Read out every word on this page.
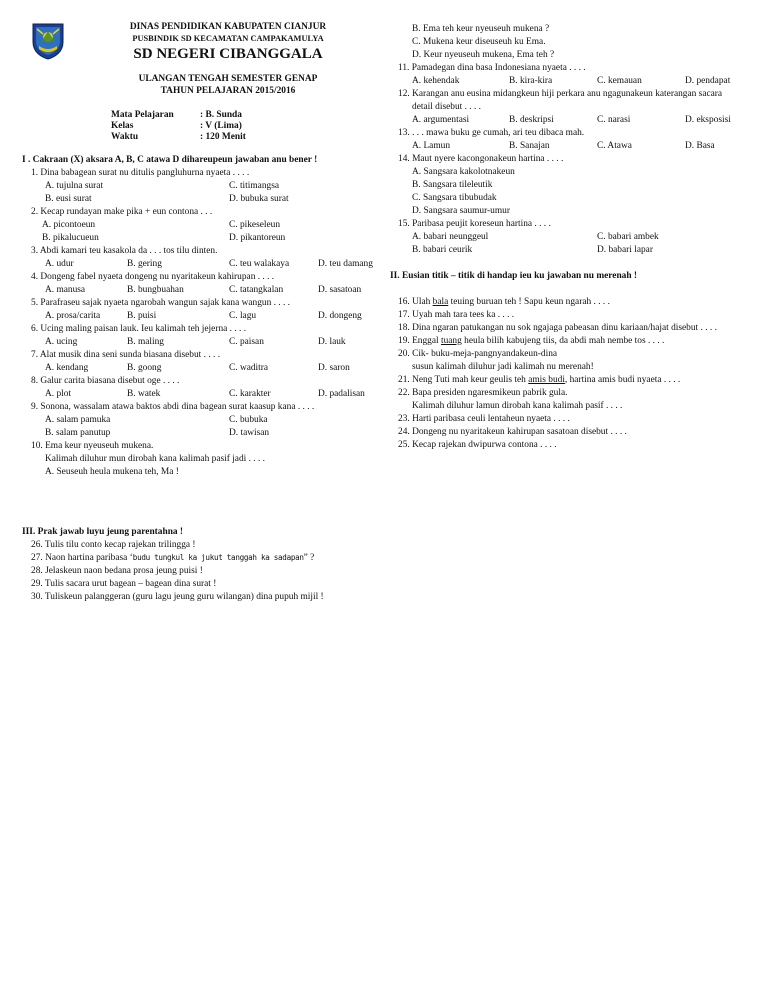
DINAS PENDIDIKAN KABUPATEN CIANJUR
PUSBINDIK SD KECAMATAN CAMPAKAMULYA
SD NEGERI CIBANGGALA
ULANGAN TENGAH SEMESTER GENAP
TAHUN PELAJARAN 2015/2016
Mata Pelajaran	: B. Sunda
Kelas	: V (Lima)
Waktu	: 120 Menit
I . Cakraan (X) aksara A, B, C atawa D dihareupeun jawaban anu bener !
1. Dina babagean surat nu ditulis pangluhurna nyaeta . . . .
A. tujulna surat	C. titimangsa
B. eusi surat	D. bubuka surat
2. Kecap rundayan make pika + eun contona . . .
A. picontoeun	C. pikeseleun
B. pikalucueun	D. pikantoreun
3. Abdi kamari teu kasakola da . . . tos tilu dinten.
A. udur	B. gering	C. teu walakaya	D. teu damang
4. Dongeng fabel nyaeta dongeng nu nyaritakeun kahirupan . . . .
A. manusa	B. bungbuahan	C. tatangkalan	D. sasatoan
5. Parafraseu sajak nyaeta ngarobah wangun sajak kana wangun . . . .
A. prosa/carita	B. puisi	C. lagu	D. dongeng
6. Ucing maling paisan lauk. Ieu kalimah teh jejerna . . . .
A. ucing	B. maling	C. paisan	D. lauk
7. Alat musik dina seni sunda biasana disebut . . . .
A. kendang	B. goong	C. waditra	D. saron
8. Galur carita biasana disebut oge . . . .
A. plot	B. watek	C. karakter	D. padalisan
9. Sonona, wassalam atawa baktos abdi dina bagean surat kaasup kana . . . .
A. salam pamuka	C. bubuka
B. salam panutup	D. tawisan
10. Ema keur nyeuseuh mukena.
Kalimah diluhur mun dirobah kana kalimah pasif jadi . . . .
A. Seuseuh heula mukena teh, Ma !
B. Ema teh keur nyeuseuh mukena ?
C. Mukena keur diseuseuh ku Ema.
D. Keur nyeuseuh mukena, Ema teh ?
11. Pamadegan dina basa Indonesiana nyaeta . . . .
A. kehendak	B. kira-kira	C. kemauan	D. pendapat
12. Karangan anu eusina midangkeun hiji perkara anu ngagunakeun katerangan sacara
detail disebut . . . .
A. argumentasi	B. deskripsi	C. narasi	D. eksposisi
13. . . . mawa buku ge cumah, ari teu dibaca mah.
A. Lamun	B. Sanajan	C. Atawa	D. Basa
14. Maut nyere kacongonakeun hartina . . . .
A. Sangsara kakolotnakeun
B. Sangsara tileleutik
C. Sangsara tibubudak
D. Sangsara saumur-umur
15. Paribasa peujit koreseun hartina . . . .
A. babari neunggeul	C. babari ambek
B. babari ceurik	D. babari lapar
II. Eusian titik – titik di handap ieu ku jawaban nu merenah !
16. Ulah bala teuing buruan teh ! Sapu keun ngarah . . . .
17. Uyah mah tara tees ka . . . .
18. Dina ngaran patukangan nu sok ngajaga pabeasan dinu kariaan/hajat disebut . . . .
19. Enggal tuang heula bilih kabujeng tiis, da abdi mah nembe tos . . . .
20. Cik- buku-meja-pangnyandakeun-dina
susun kalimah diluhur jadi kalimah nu merenah!
21. Neng Tuti mah keur geulis teh amis budi, hartina amis budi nyaeta . . . .
22. Bapa presiden ngaresmikeun pabrik gula.
Kalimah diluhur lamun dirobah kana kalimah pasif . . . .
23. Harti paribasa ceuli lentaheun nyaeta . . . .
24. Dongeng nu nyaritakeun kahirupan sasatoan disebut . . . .
25. Kecap rajekan dwipurwa contona . . . .
III. Prak jawab luyu jeung parentahna !
26. Tulis tilu conto kecap rajekan trilingga !
27. Naon hartina paribasa ‘budu tungkul ka jukut tanggah ka sadapan” ?
28. Jelaskeun naon bedana prosa jeung puisi !
29. Tulis sacara urut bagean – bagean dina surat !
30. Tuliskeun palanggeran (guru lagu jeung guru wilangan) dina pupuh mijil !
